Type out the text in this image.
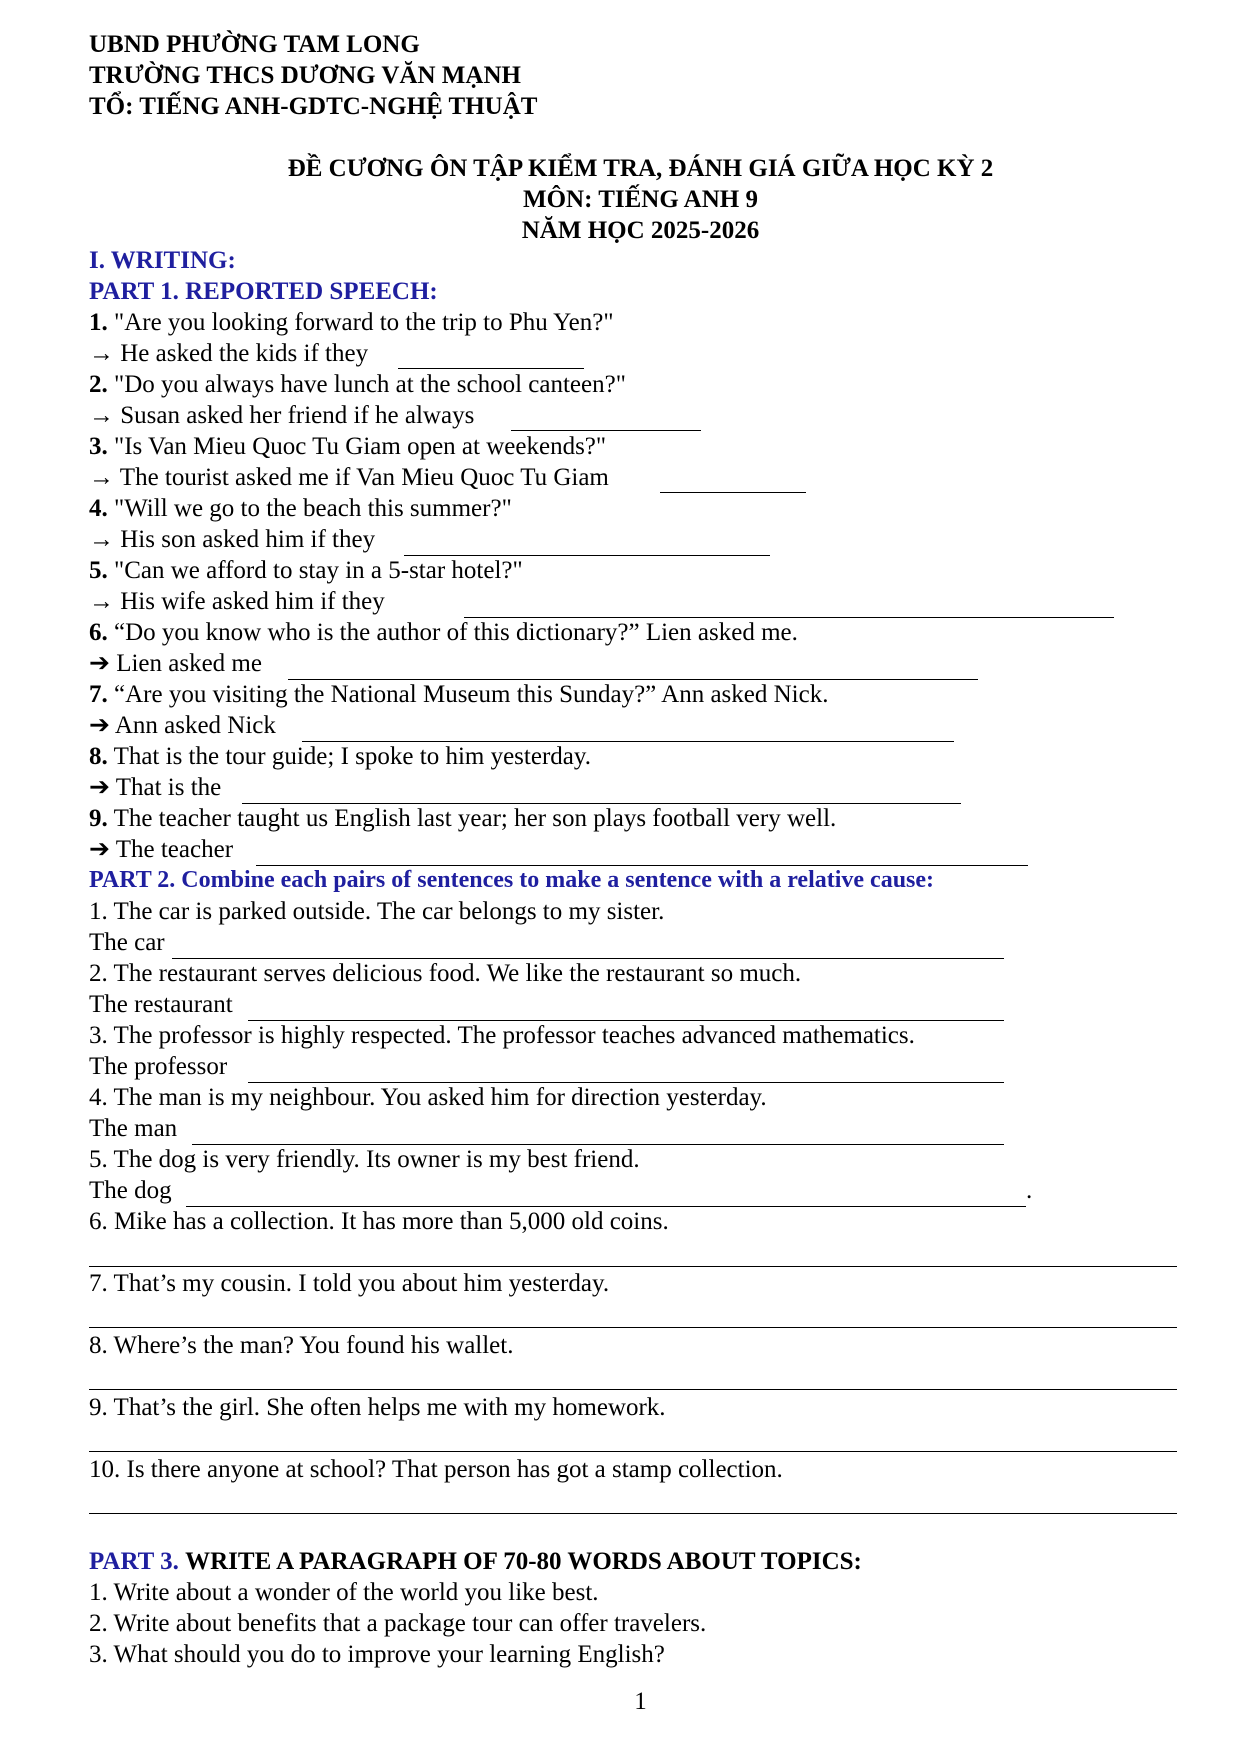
UBND PHƯỜNG TAM LONG
TRƯỜNG THCS DƯƠNG VĂN MẠNH
TỔ: TIẾNG ANH-GDTC-NGHỆ THUẬT
ĐỀ CƯƠNG ÔN TẬP KIỂM TRA, ĐÁNH GIÁ GIỮA HỌC KỲ 2
MÔN: TIẾNG ANH 9
NĂM HỌC 2025-2026
I. WRITING:
PART 1. REPORTED SPEECH:
1. "Are you looking forward to the trip to Phu Yen?"
→ He asked the kids if they
2. "Do you always have lunch at the school canteen?"
→ Susan asked her friend if he always
3. "Is Van Mieu Quoc Tu Giam open at weekends?"
→ The tourist asked me if Van Mieu Quoc Tu Giam
4. "Will we go to the beach this summer?"
→ His son asked him if they
5. "Can we afford to stay in a 5-star hotel?"
→ His wife asked him if they
6. “Do you know who is the author of this dictionary?” Lien asked me.
➔ Lien asked me
7. “Are you visiting the National Museum this Sunday?” Ann asked Nick.
➔ Ann asked Nick
8. That is the tour guide; I spoke to him yesterday.
➔ That is the
9. The teacher taught us English last year; her son plays football very well.
➔ The teacher
PART 2. Combine each pairs of sentences to make a sentence with a relative cause:
1. The car is parked outside. The car belongs to my sister.
The car
2. The restaurant serves delicious food. We like the restaurant so much.
The restaurant
3. The professor is highly respected. The professor teaches advanced mathematics.
The professor
4. The man is my neighbour. You asked him for direction yesterday.
The man
5. The dog is very friendly. Its owner is my best friend.
The dog	.
6. Mike has a collection. It has more than 5,000 old coins.
7. That’s my cousin. I told you about him yesterday.
8. Where’s the man? You found his wallet.
9. That’s the girl. She often helps me with my homework.
10. Is there anyone at school? That person has got a stamp collection.
PART 3. WRITE A PARAGRAPH OF 70-80 WORDS ABOUT TOPICS:
1. Write about a wonder of the world you like best.
2. Write about benefits that a package tour can offer travelers.
3. What should you do to improve your learning English?
1
